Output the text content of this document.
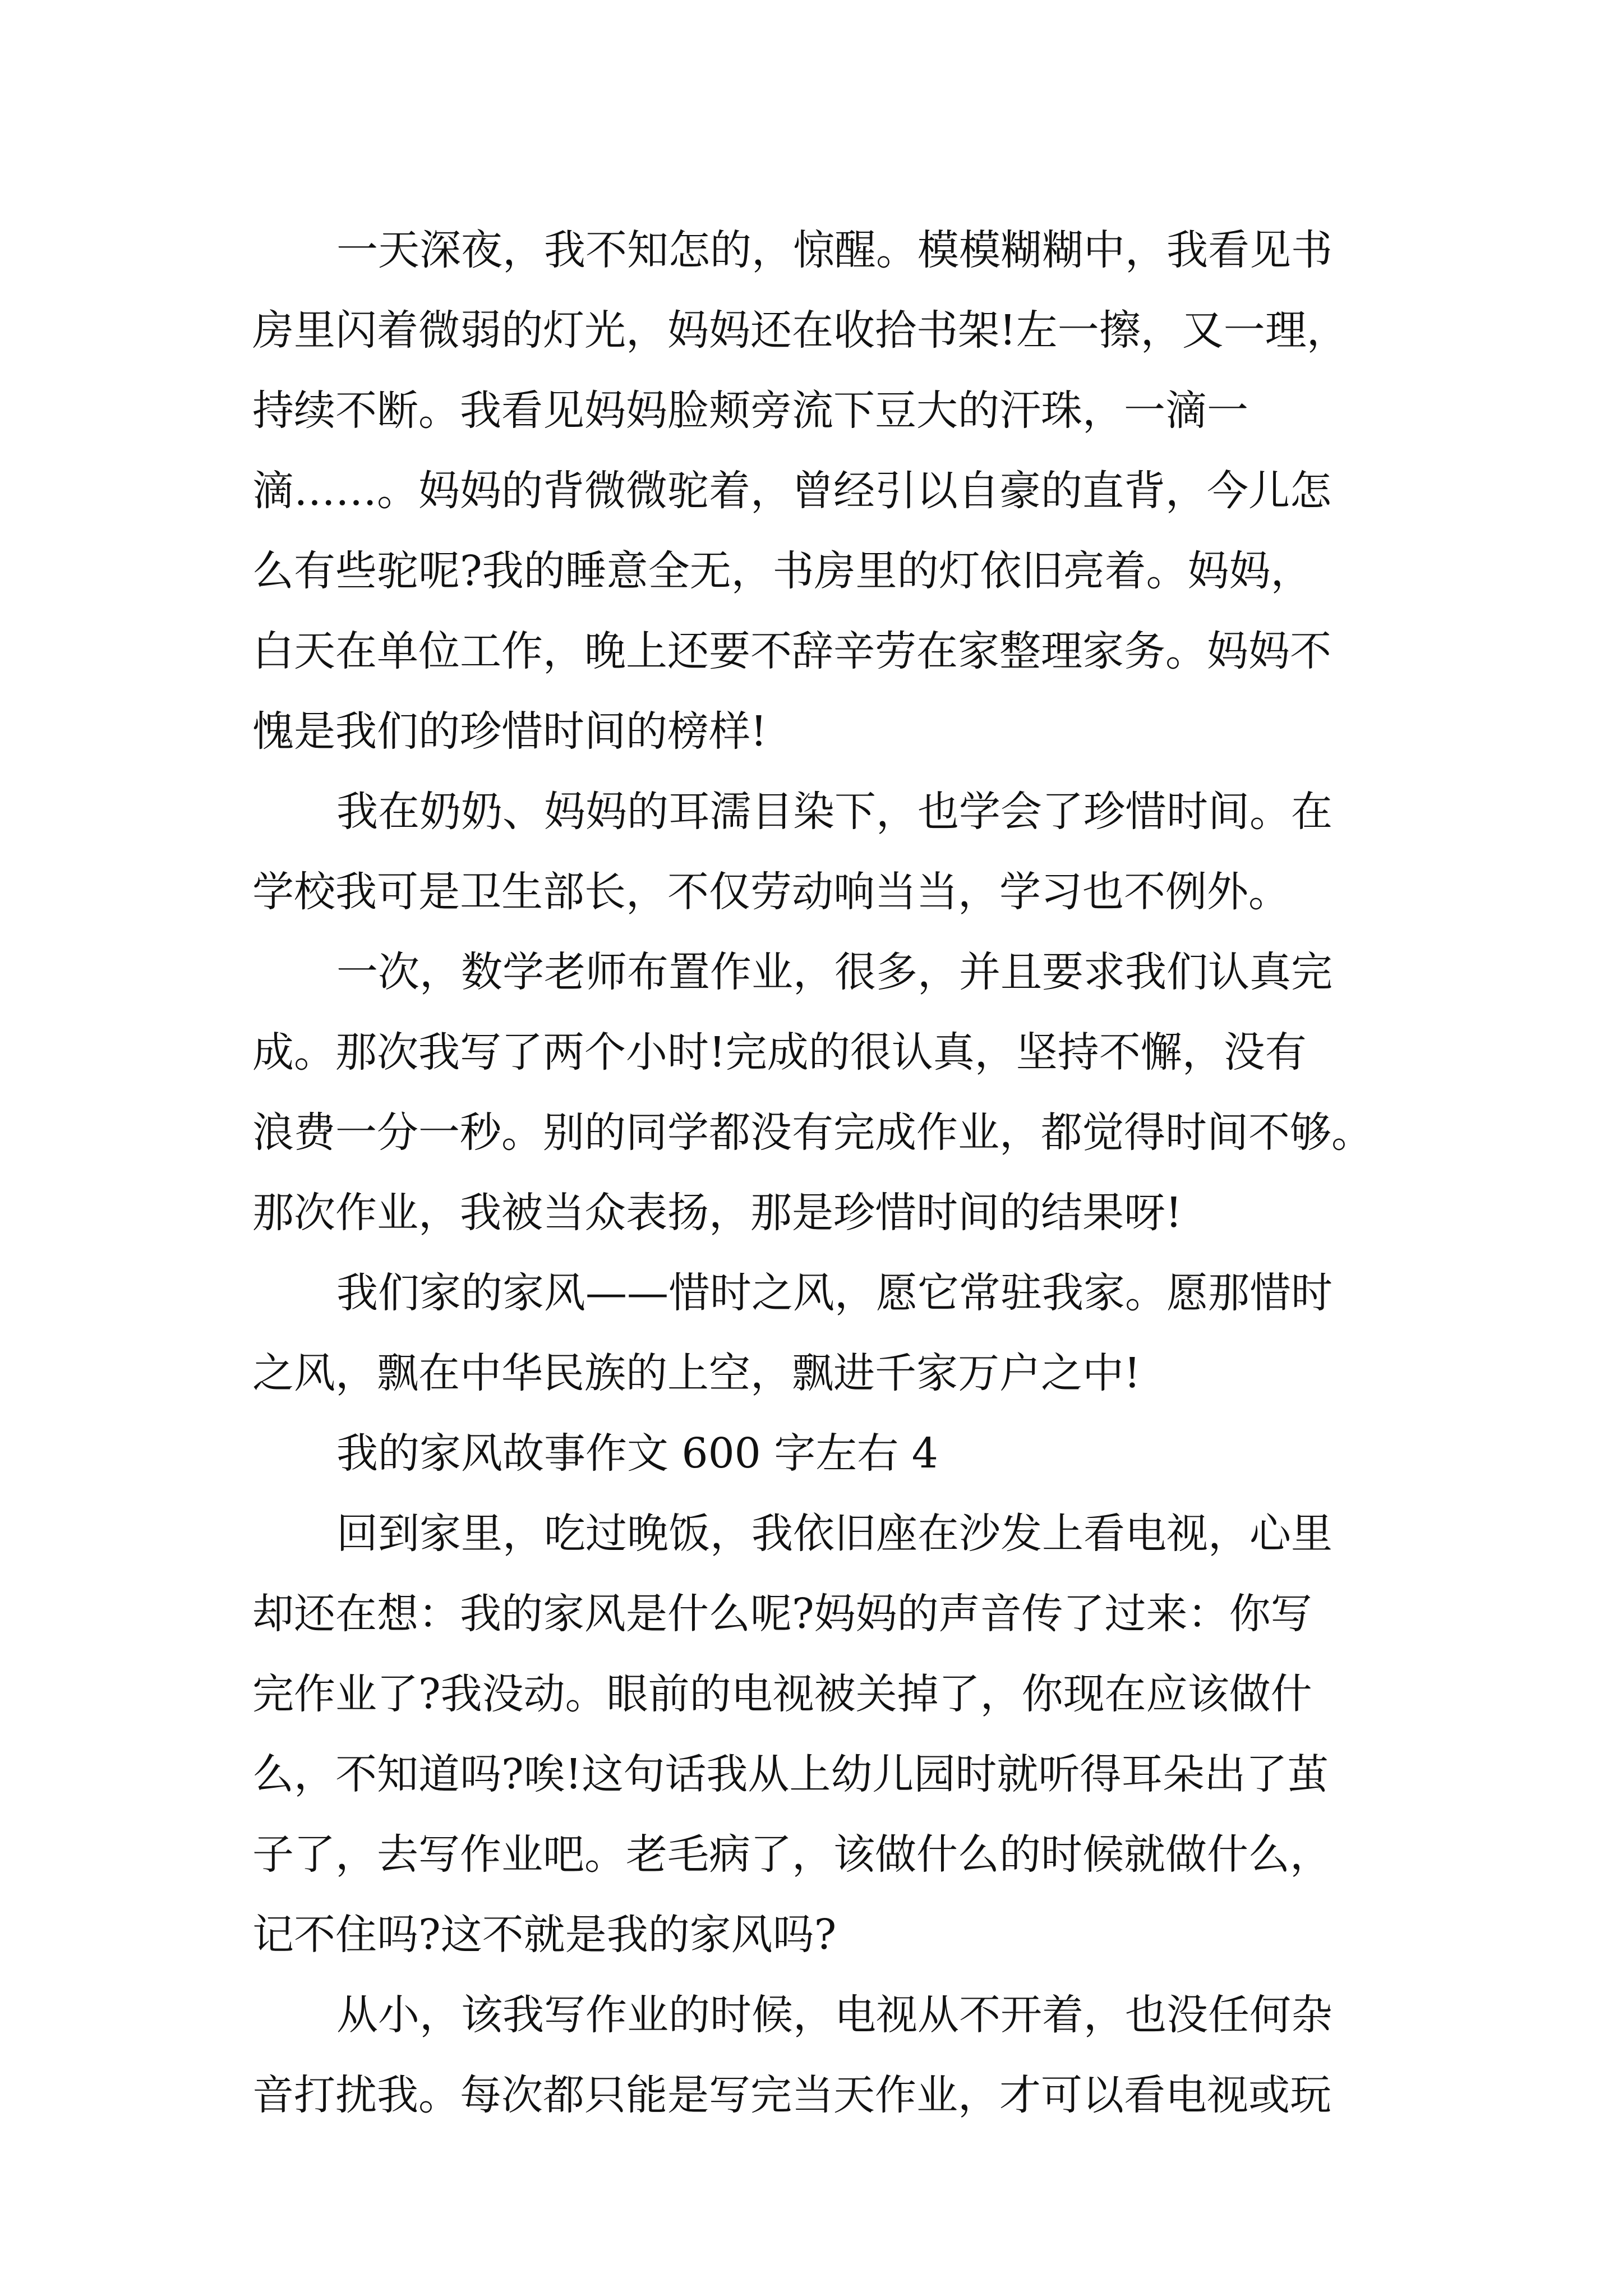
一天深夜，我不知怎的，惊醒。模模糊糊中，我看见书
房里闪着微弱的灯光，妈妈还在收拾书架!左一擦，又一理，
持续不断。我看见妈妈脸颊旁流下豆大的汗珠，一滴一
滴……。妈妈的背微微驼着，曾经引以自豪的直背，今儿怎
么有些驼呢?我的睡意全无，书房里的灯依旧亮着。妈妈，
白天在单位工作，晚上还要不辞辛劳在家整理家务。妈妈不
愧是我们的珍惜时间的榜样!
我在奶奶、妈妈的耳濡目染下，也学会了珍惜时间。在
学校我可是卫生部长，不仅劳动响当当，学习也不例外。
一次，数学老师布置作业，很多，并且要求我们认真完
成。那次我写了两个小时!完成的很认真，坚持不懈，没有
浪费一分一秒。别的同学都没有完成作业，都觉得时间不够。
那次作业，我被当众表扬，那是珍惜时间的结果呀!
我们家的家风——惜时之风，愿它常驻我家。愿那惜时
之风，飘在中华民族的上空，飘进千家万户之中!
我的家风故事作文 600 字左右 4
回到家里，吃过晚饭，我依旧座在沙发上看电视，心里
却还在想：我的家风是什么呢?妈妈的声音传了过来：你写
完作业了?我没动。眼前的电视被关掉了，你现在应该做什
么，不知道吗?唉!这句话我从上幼儿园时就听得耳朵出了茧
子了，去写作业吧。老毛病了，该做什么的时候就做什么，
记不住吗?这不就是我的家风吗?
从小，该我写作业的时候，电视从不开着，也没任何杂
音打扰我。每次都只能是写完当天作业，才可以看电视或玩
